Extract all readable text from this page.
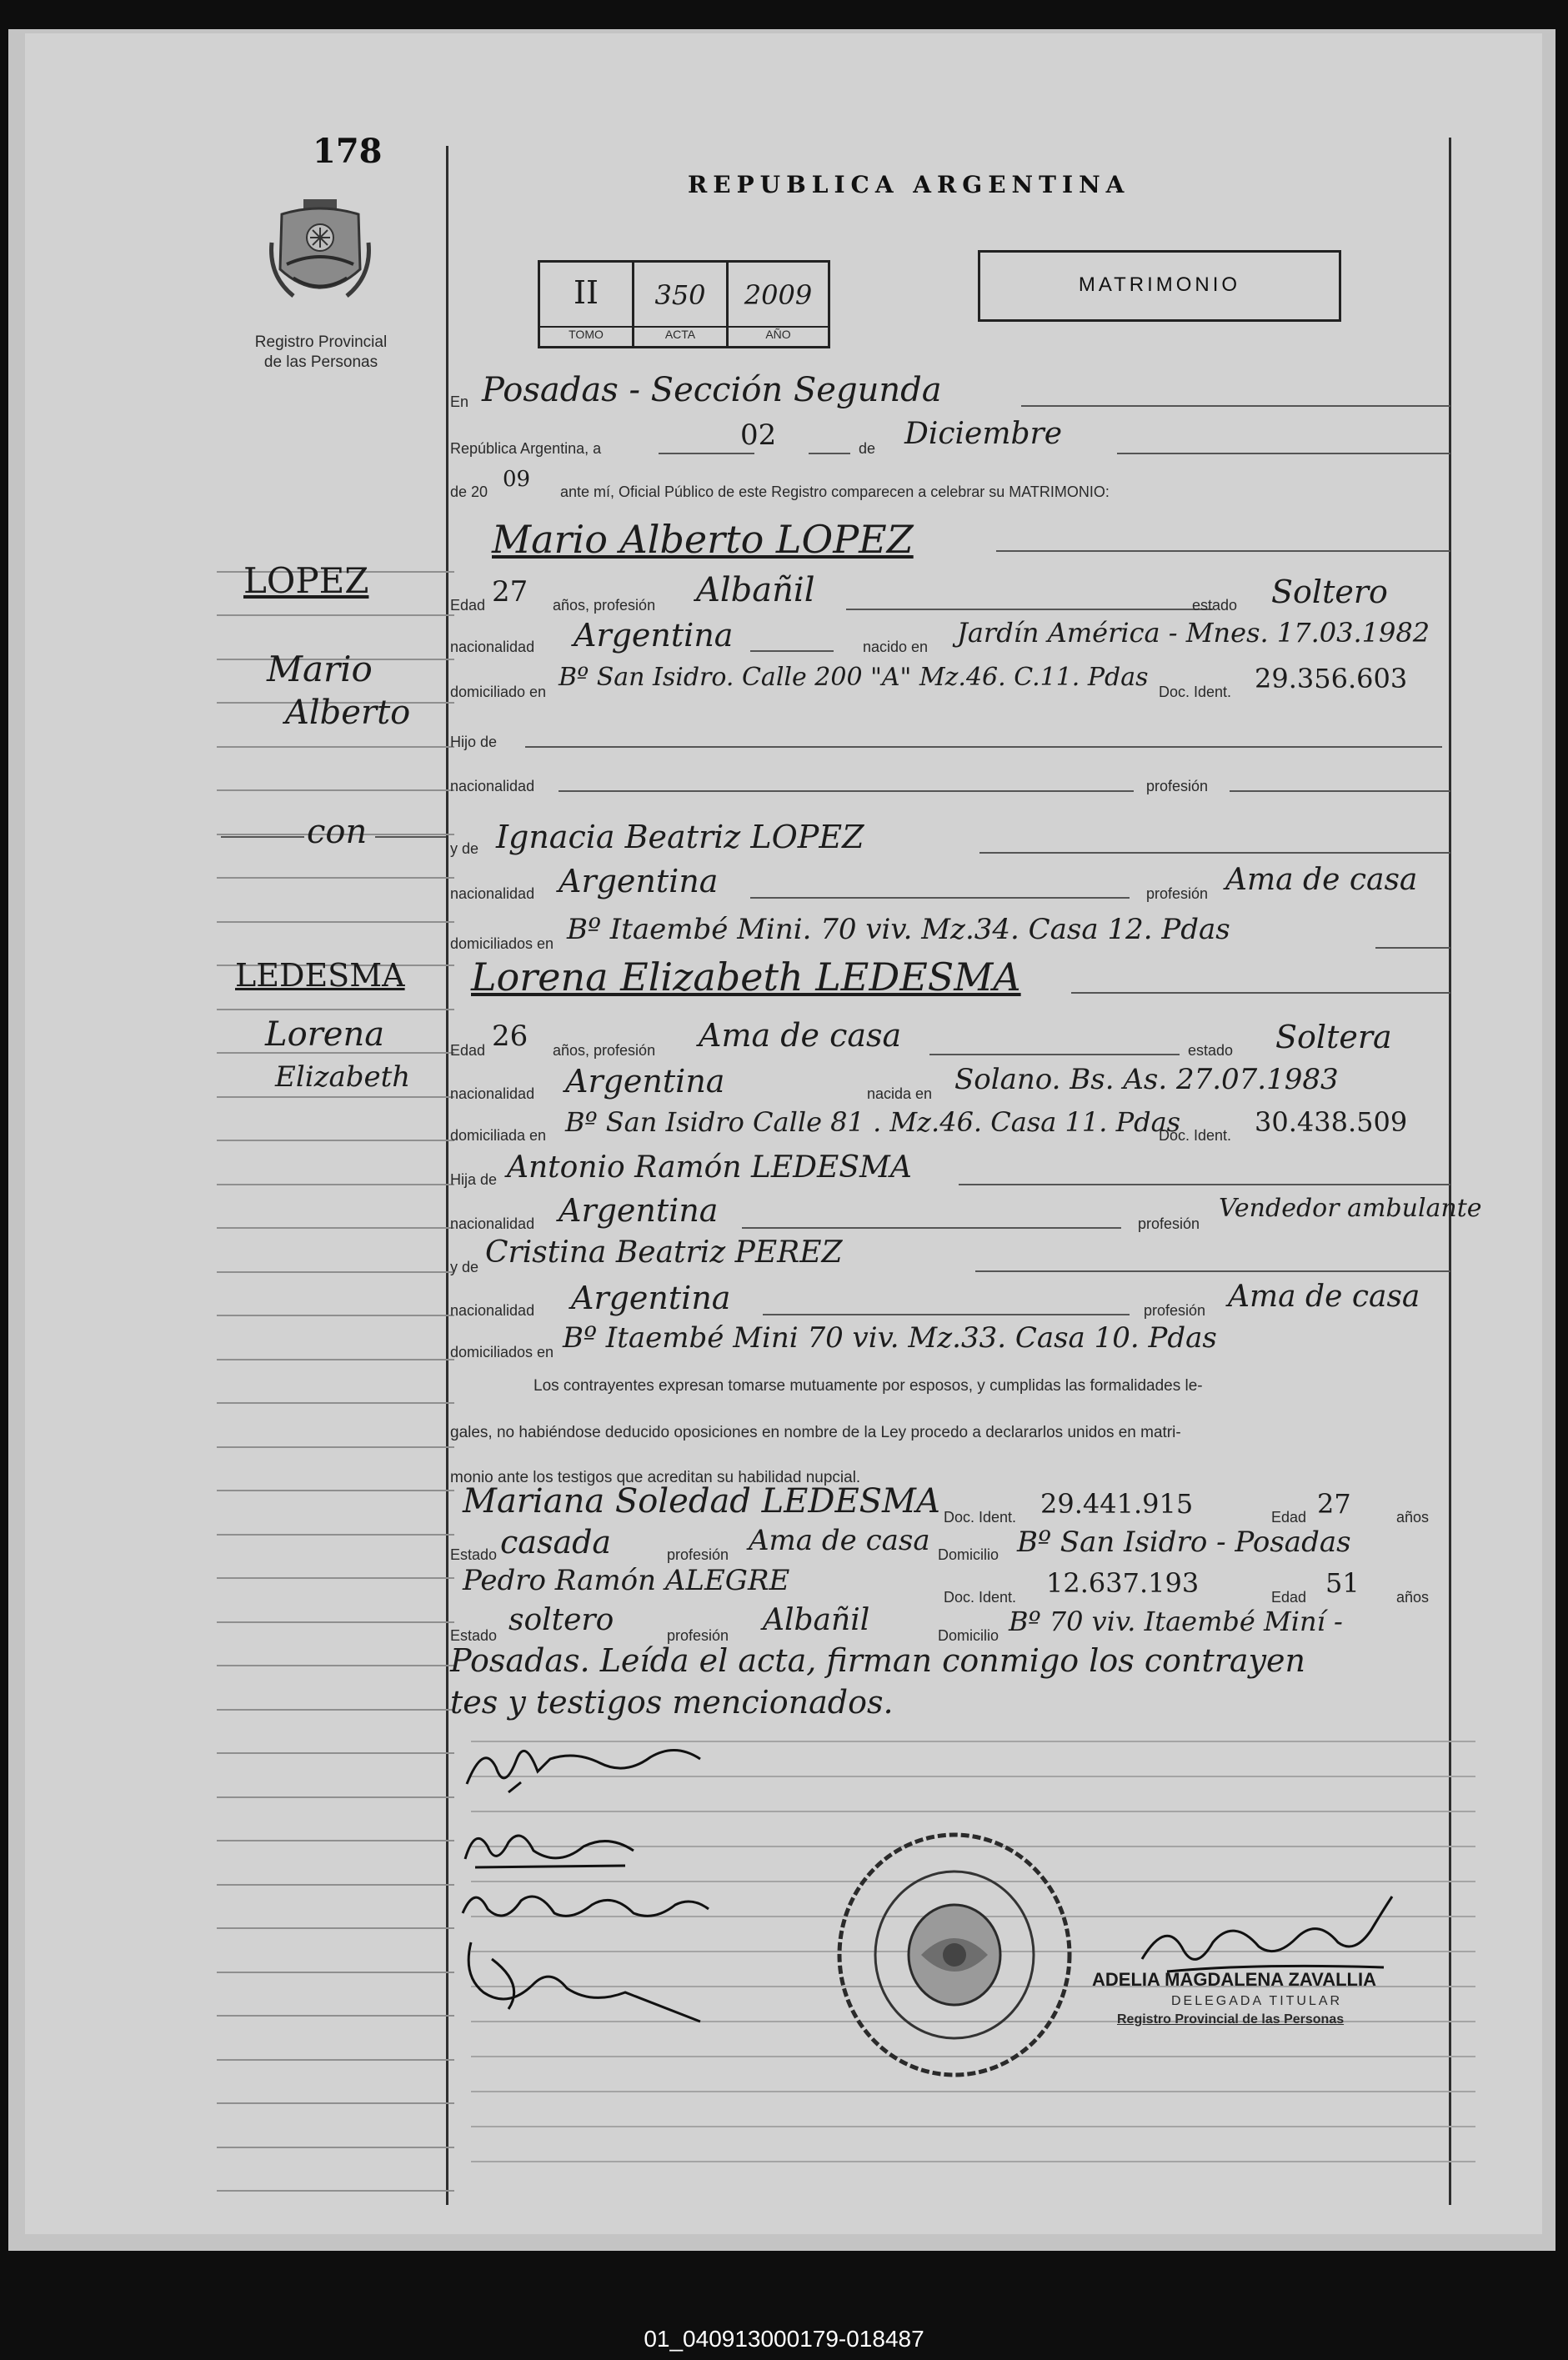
178
Registro Provincial
de las Personas
REPUBLICA ARGENTINA
II
TOMO
350
ACTA
2009
AÑO
MATRIMONIO
LOPEZ
Mario
Alberto
con
LEDESMA
Lorena
Elizabeth
En Posadas - Sección Segunda
República Argentina, a	02	de Diciembre
de 20 09 ante mí, Oficial Público de este Registro comparecen a celebrar su MATRIMONIO:
Mario Alberto LOPEZ
Edad 27 años, profesión Albañil	estado Soltero
nacionalidad Argentina	nacido en Jardín América - Mnes. 17.03.1982
domiciliado en Bº San Isidro. Calle 200 "A" Mz.46. C.11. Pdas Doc. Ident. 29.356.603
Hijo de
nacionalidad	profesión
y de Ignacia Beatriz LOPEZ
nacionalidad Argentina	profesión Ama de casa
domiciliados en Bº Itaembé Mini. 70 viv. Mz.34. Casa 12. Pdas
Lorena Elizabeth LEDESMA
Edad 26 años, profesión Ama de casa	estado Soltera
nacionalidad Argentina	nacida en Solano. Bs. As. 27.07.1983
domiciliada en Bº San Isidro Calle 81 . Mz.46. Casa 11. Pdas
Doc. Ident. 30.438.509
Hija de Antonio Ramón LEDESMA
nacionalidad Argentina	profesión
Vendedor ambulante
y de Cristina Beatriz PEREZ
nacionalidad Argentina	profesión Ama de casa
domiciliados en Bº Itaembé Mini 70 viv. Mz.33. Casa 10. Pdas
Los contrayentes expresan tomarse mutuamente por esposos, y cumplidas las formalidades le-
gales, no habiéndose deducido oposiciones en nombre de la Ley procedo a declararlos unidos en matri-
monio ante los testigos que acreditan su habilidad nupcial.
Mariana Soledad LEDESMA Doc. Ident. 29.441.915	Edad 27	años
Estado casada	profesión Ama de casa Domicilio Bº San Isidro - Posadas
Pedro Ramón ALEGRE	Doc. Ident. 12.637.193	Edad 51 años
Estado soltero	profesión Albañil	Domicilio Bº 70 viv. Itaembé Miní -
Posadas. Leída el acta, firman conmigo los contrayen
tes y testigos mencionados.
ADELIA MAGDALENA ZAVALLIA
DELEGADA TITULAR
Registro Provincial de las Personas
01_040913000179-018487
